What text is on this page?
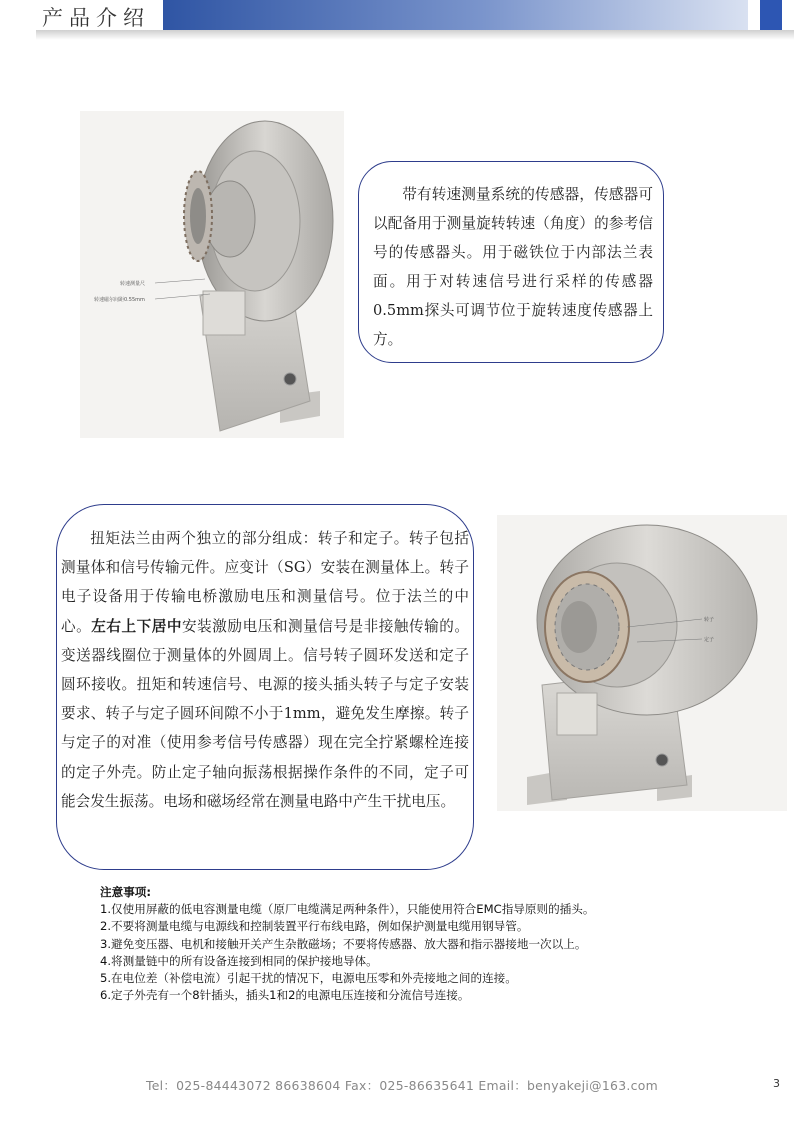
产品介绍
转速测量尺
转速磁尔间距0.55mm
带有转速测量系统的传感器，传感器可以配备用于测量旋转转速（角度）的参考信号的传感器头。用于磁铁位于内部法兰表面。用于对转速信号进行采样的传感器0.5mm探头可调节位于旋转速度传感器上方。
扭矩法兰由两个独立的部分组成：转子和定子。转子包括测量体和信号传输元件。应变计（SG）安装在测量体上。转子电子设备用于传输电桥激励电压和测量信号。位于法兰的中心。左右上下居中安装激励电压和测量信号是非接触传输的。变送器线圈位于测量体的外圆周上。信号转子圆环发送和定子圆环接收。扭矩和转速信号、电源的接头插头转子与定子安装要求、转子与定子圆环间隙不小于1mm，避免发生摩擦。转子与定子的对准（使用参考信号传感器）现在完全拧紧螺栓连接的定子外壳。防止定子轴向振荡根据操作条件的不同，定子可能会发生振荡。电场和磁场经常在测量电路中产生干扰电压。
转子
定子
注意事项:
1.仅使用屏蔽的低电容测量电缆（原厂电缆满足两种条件），只能使用符合EMC指导原则的插头。
2.不要将测量电缆与电源线和控制装置平行布线电路，例如保护测量电缆用钢导管。
3.避免变压器、电机和接触开关产生杂散磁场；不要将传感器、放大器和指示器接地一次以上。
4.将测量链中的所有设备连接到相同的保护接地导体。
5.在电位差（补偿电流）引起干扰的情况下，电源电压零和外壳接地之间的连接。
6.定子外壳有一个8针插头，插头1和2的电源电压连接和分流信号连接。
Tel：025-84443072 86638604 Fax：025-86635641 Email：benyakeji@163.com	3
